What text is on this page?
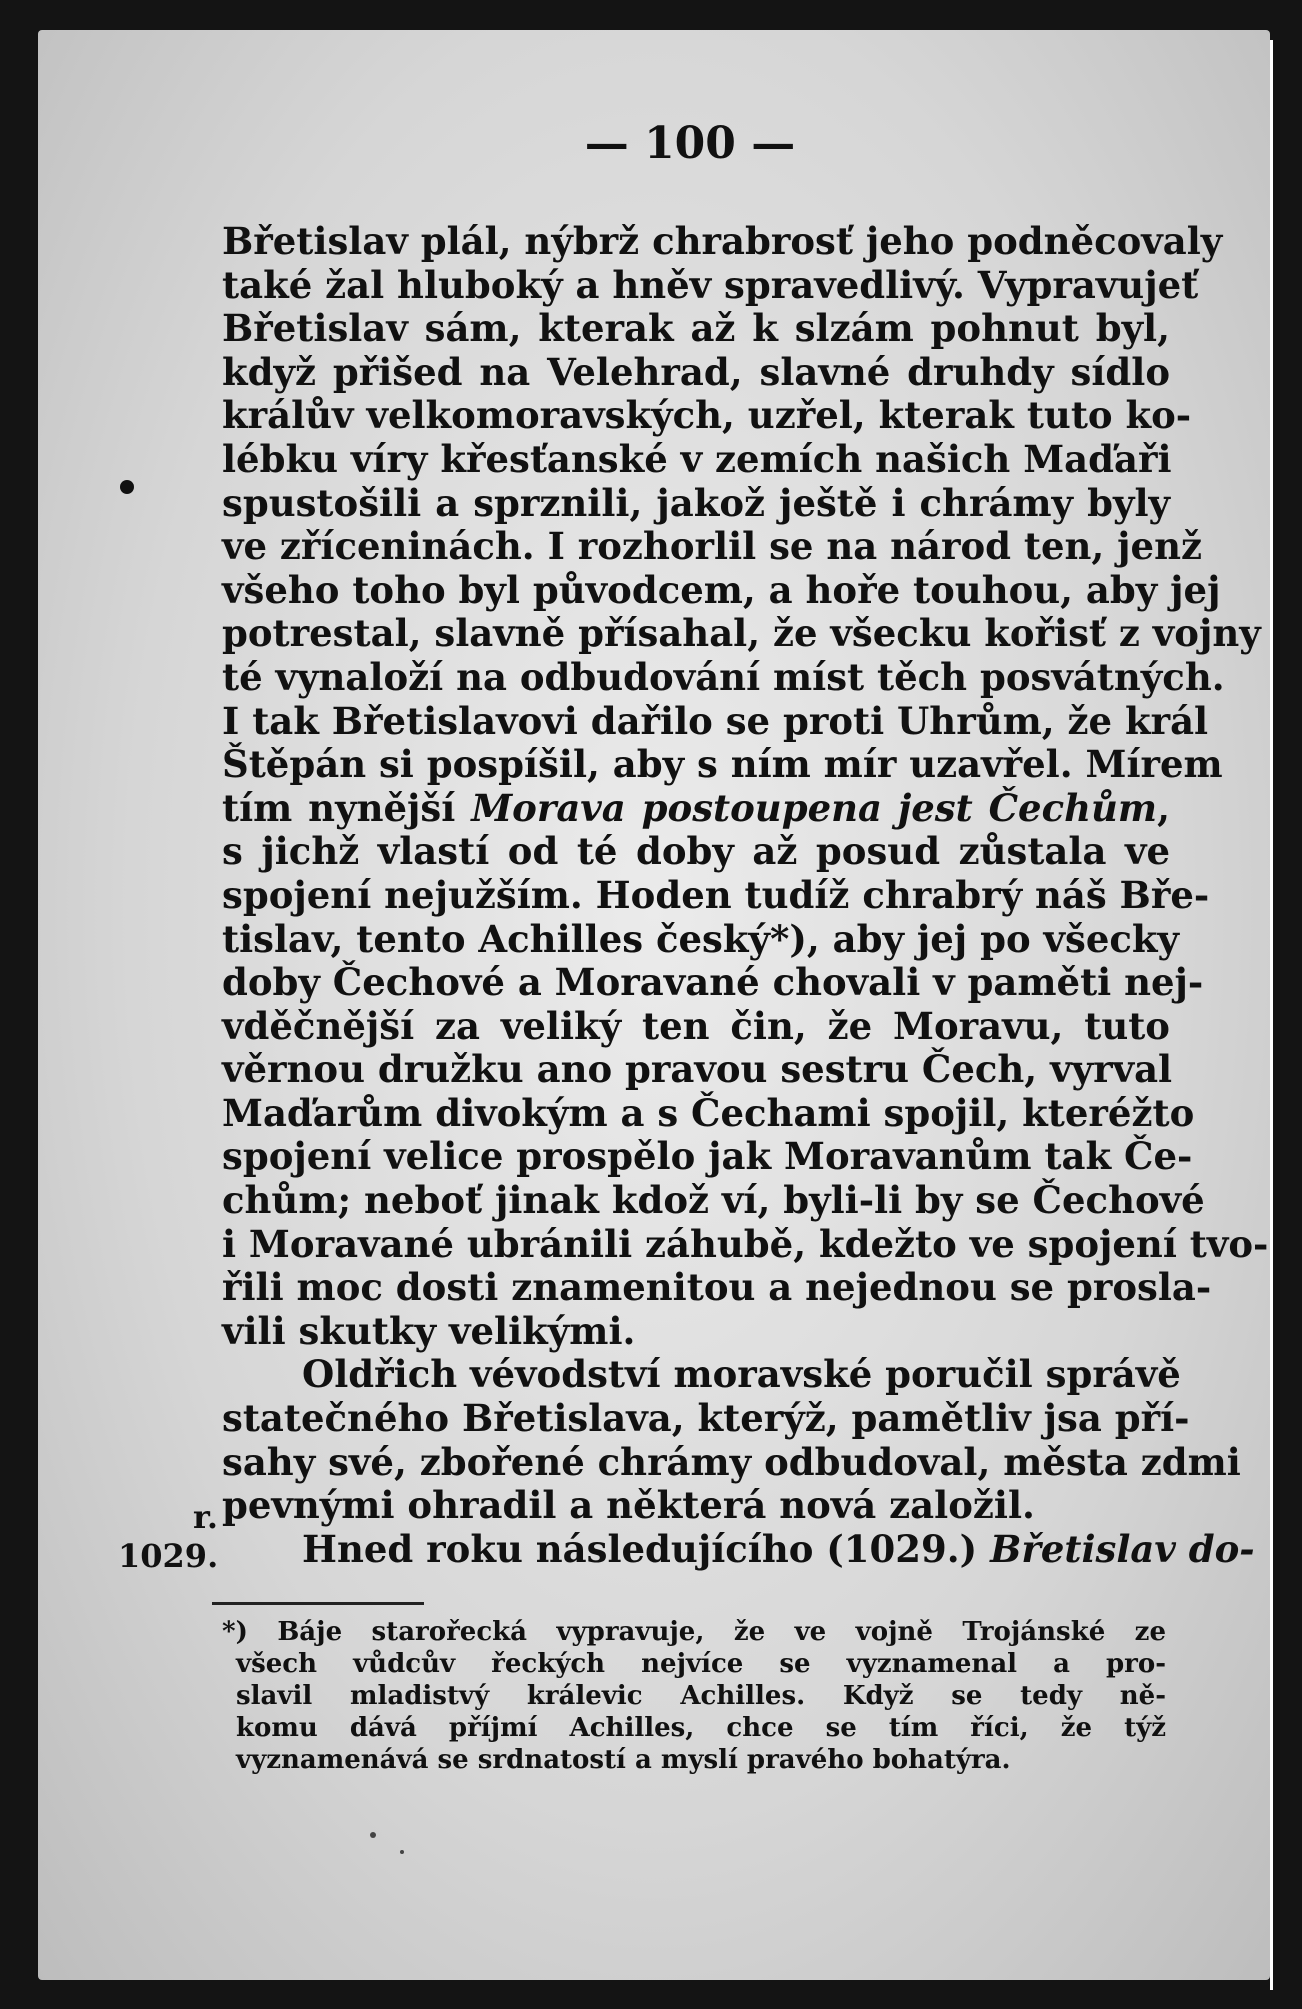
— 100 —
Břetislav plál, nýbrž chrabrosť jeho podněcovaly
také žal hluboký a hněv spravedlivý. Vypravujeť
Břetislav sám, kterak až k slzám pohnut byl,
když přišed na Velehrad, slavné druhdy sídlo
králův velkomoravských, uzřel, kterak tuto ko-
lébku víry křesťanské v zemích našich Maďaři
spustošili a sprznili, jakož ještě i chrámy byly
ve zříceninách. I rozhorlil se na národ ten, jenž
všeho toho byl původcem, a hoře touhou, aby jej
potrestal, slavně přísahal, že všecku kořisť z vojny
té vynaloží na odbudování míst těch posvátných.
I tak Břetislavovi dařilo se proti Uhrům, že král
Štěpán si pospíšil, aby s ním mír uzavřel. Mírem
tím nynější Morava postoupena jest Čechům,
s jichž vlastí od té doby až posud zůstala ve
spojení nejužším. Hoden tudíž chrabrý náš Bře-
tislav, tento Achilles český*), aby jej po všecky
doby Čechové a Moravané chovali v paměti nej-
vděčnější za veliký ten čin, že Moravu, tuto
věrnou družku ano pravou sestru Čech, vyrval
Maďarům divokým a s Čechami spojil, kteréžto
spojení velice prospělo jak Moravanům tak Če-
chům; neboť jinak kdož ví, byli-li by se Čechové
i Moravané ubránili záhubě, kdežto ve spojení tvo-
řili moc dosti znamenitou a nejednou se prosla-
vili skutky velikými.
Oldřich vévodství moravské poručil správě
statečného Břetislava, kterýž, pamětliv jsa pří-
sahy své, zbořené chrámy odbudoval, města zdmi
pevnými ohradil a některá nová založil.
Hned roku následujícího (1029.) Břetislav do-
r.
1029.
*) Báje starořecká vypravuje, že ve vojně Trojánské ze
všech vůdcův řeckých nejvíce se vyznamenal a pro-
slavil mladistvý králevic Achilles. Když se tedy ně-
komu dává příjmí Achilles, chce se tím říci, že týž
vyznamenává se srdnatostí a myslí pravého bohatýra.
